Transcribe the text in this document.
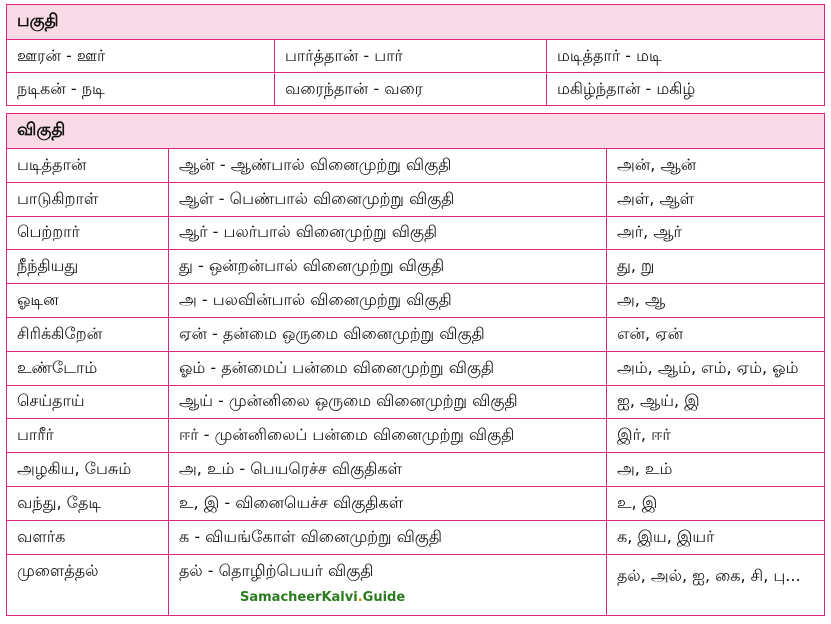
பகுதி		
ஊரன் - ஊர்	பார்த்தான் - பார்	மடித்தார் - மடி
நடிகன் - நடி	வரைந்தான் - வரை	மகிழ்ந்தான் - மகிழ்
விகுதி		
படித்தான்	ஆன் - ஆண்பால் வினைமுற்று விகுதி	அன், ஆன்
பாடுகிறாள்	ஆள் - பெண்பால் வினைமுற்று விகுதி	அள், ஆள்
பெற்றார்	ஆர் - பலர்பால் வினைமுற்று விகுதி	அர், ஆர்
நீந்தியது	து - ஒன்றன்பால் வினைமுற்று விகுதி	து, று
ஓடின	அ - பலவின்பால் வினைமுற்று விகுதி	அ, ஆ
சிரிக்கிறேன்	ஏன் - தன்மை ஒருமை வினைமுற்று விகுதி	என், ஏன்
உண்டோம்	ஓம் - தன்மைப் பன்மை வினைமுற்று விகுதி	அம், ஆம், எம், ஏம், ஓம்
செய்தாய்	ஆய் - முன்னிலை ஒருமை வினைமுற்று விகுதி	ஐ, ஆய், இ
பாரீர்	ஈர் - முன்னிலைப் பன்மை வினைமுற்று விகுதி	இர், ஈர்
அழகிய, பேசும்	அ, உம் - பெயரெச்ச விகுதிகள்	அ, உம்
வந்து, தேடி	உ, இ - வினையெச்ச விகுதிகள்	உ, இ
வளர்க	க - வியங்கோள் வினைமுற்று விகுதி	க, இய, இயர்
முளைத்தல்	தல் - தொழிற்பெயர் விகுதி	தல், அல், ஐ, கை, சி, பு...
SamacheerKalvi.Guide
